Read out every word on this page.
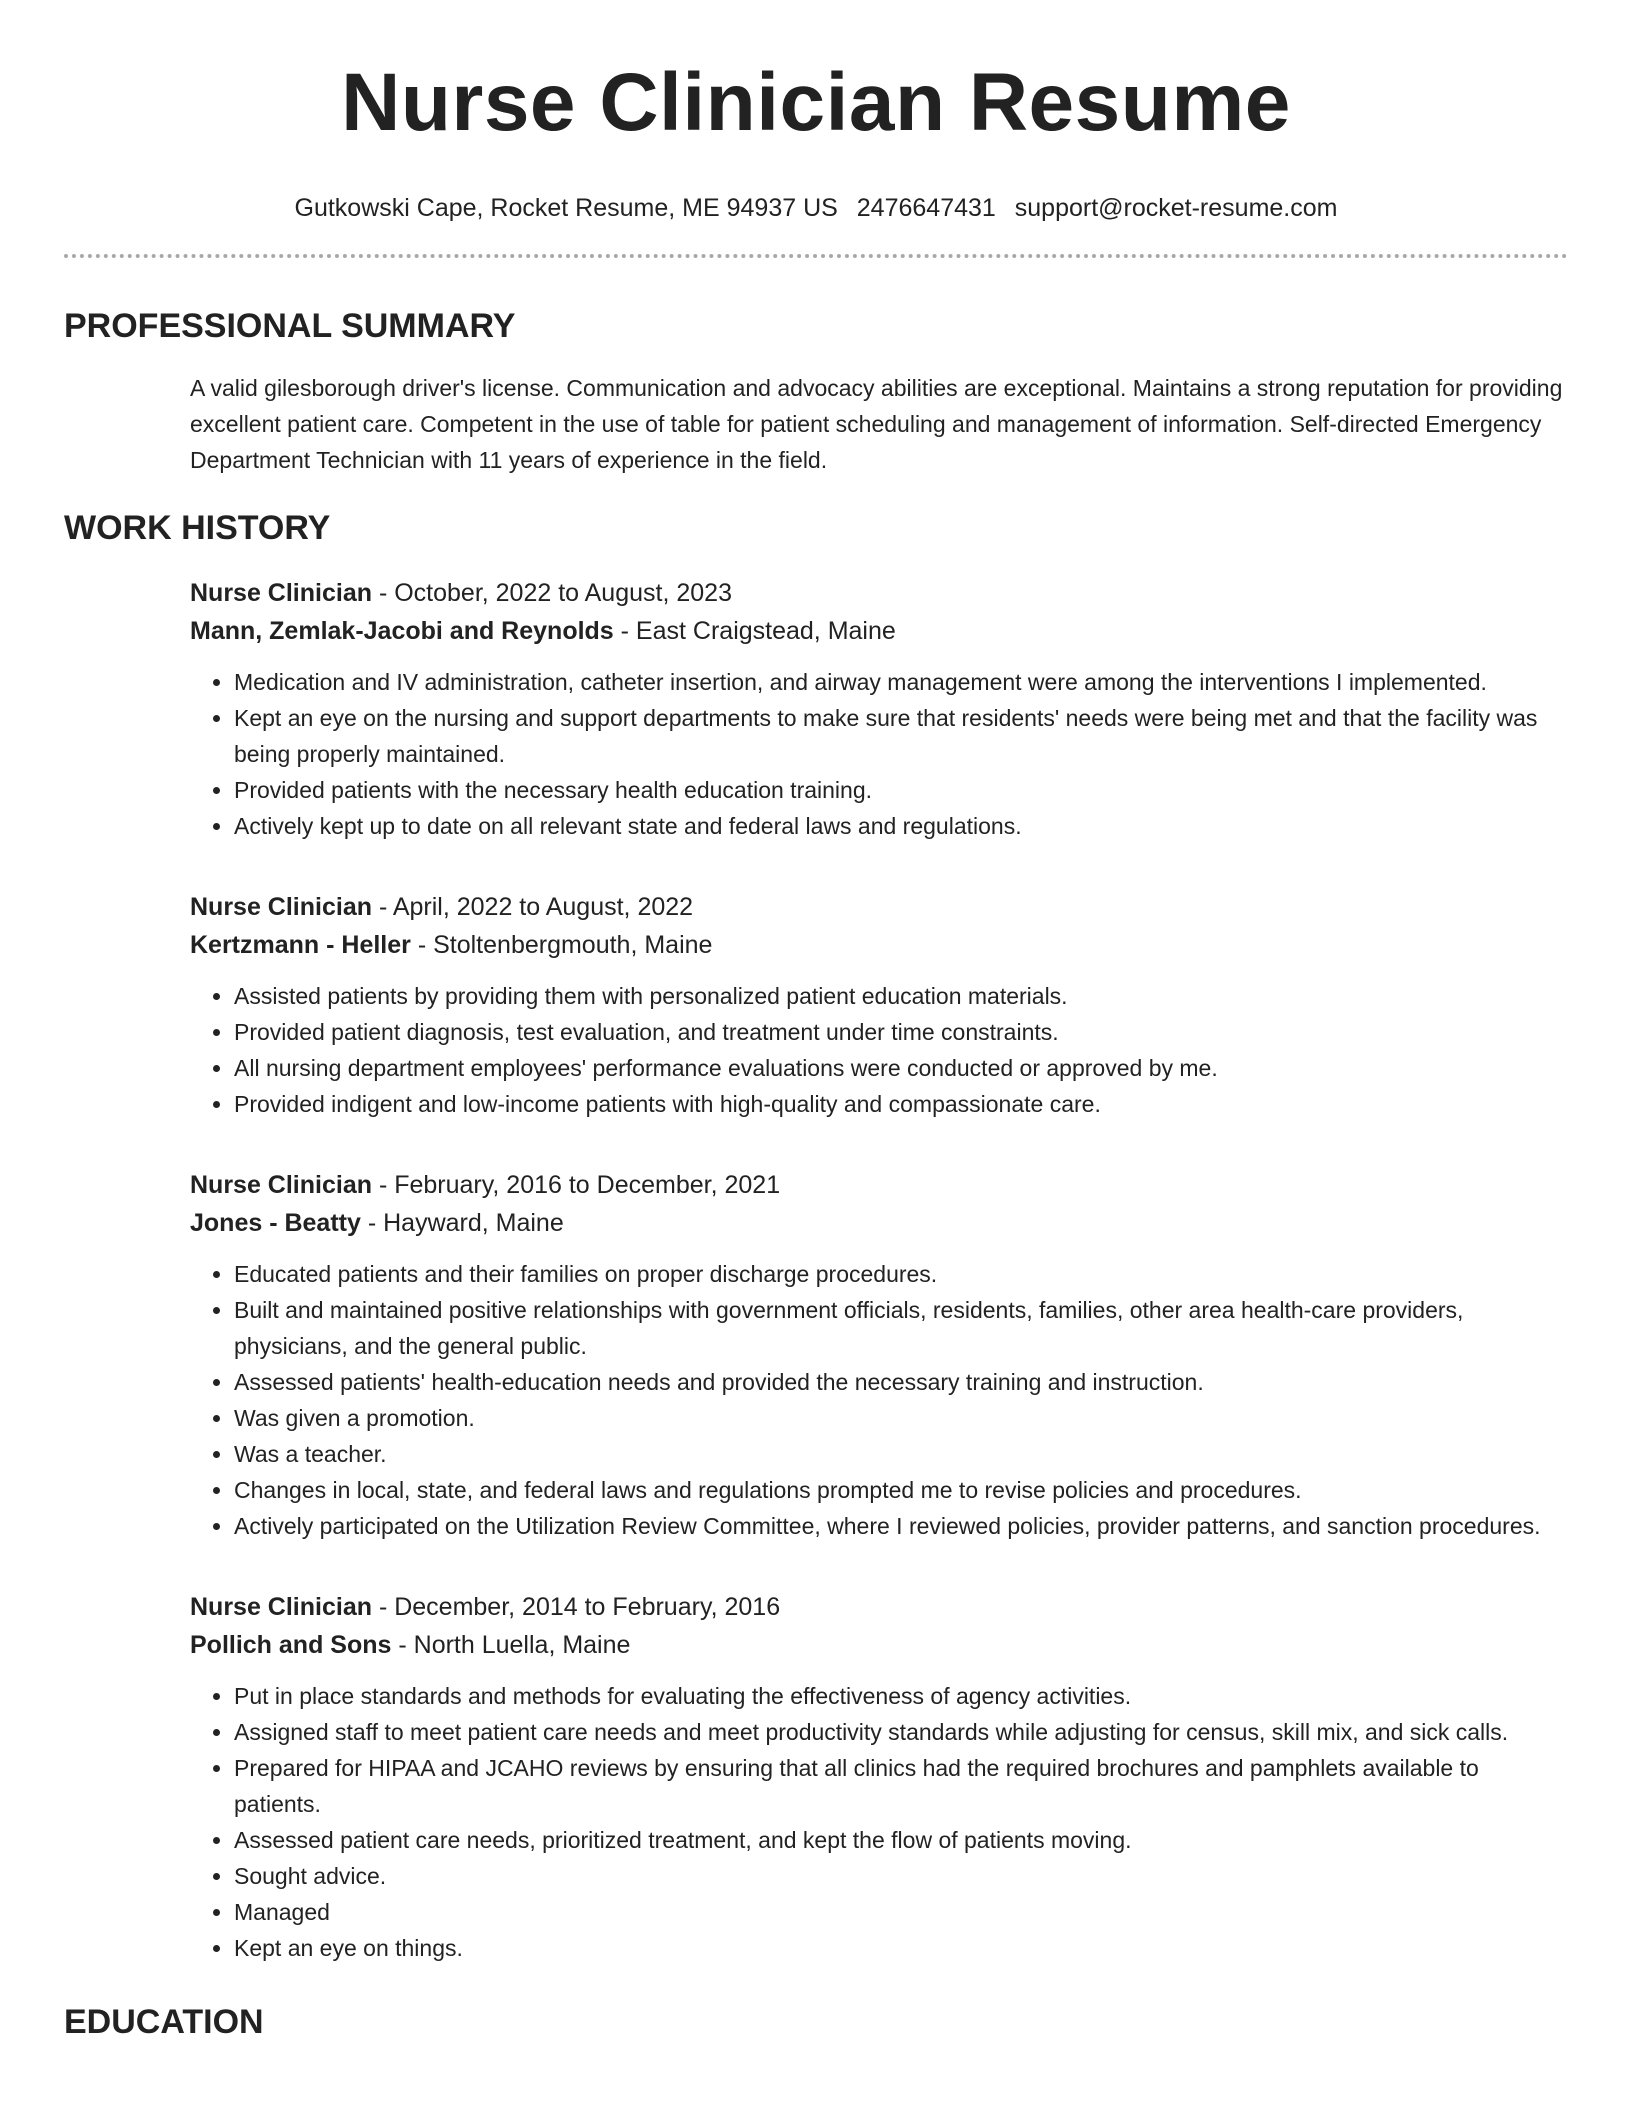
Nurse Clinician Resume
Gutkowski Cape, Rocket Resume, ME 94937 US 2476647431 support@rocket-resume.com
PROFESSIONAL SUMMARY

A valid gilesborough driver's license. Communication and advocacy abilities are exceptional. Maintains a strong reputation for providing excellent patient care. Competent in the use of table for patient scheduling and management of information. Self-directed Emergency Department Technician with 11 years of experience in the field.

WORK HISTORY
Nurse Clinician - October, 2022 to August, 2023
Mann, Zemlak-Jacobi and Reynolds - East Craigstead, Maine
• Medication and IV administration, catheter insertion, and airway management were among the interventions I implemented.
• Kept an eye on the nursing and support departments to make sure that residents' needs were being met and that the facility was being properly maintained.
• Provided patients with the necessary health education training.
• Actively kept up to date on all relevant state and federal laws and regulations.
Nurse Clinician - April, 2022 to August, 2022
Kertzmann - Heller - Stoltenbergmouth, Maine
• Assisted patients by providing them with personalized patient education materials.
• Provided patient diagnosis, test evaluation, and treatment under time constraints.
• All nursing department employees' performance evaluations were conducted or approved by me.
• Provided indigent and low-income patients with high-quality and compassionate care.
Nurse Clinician - February, 2016 to December, 2021
Jones - Beatty - Hayward, Maine
• Educated patients and their families on proper discharge procedures.
• Built and maintained positive relationships with government officials, residents, families, other area health-care providers, physicians, and the general public.
• Assessed patients' health-education needs and provided the necessary training and instruction.
• Was given a promotion.
• Was a teacher.
• Changes in local, state, and federal laws and regulations prompted me to revise policies and procedures.
• Actively participated on the Utilization Review Committee, where I reviewed policies, provider patterns, and sanction procedures.
Nurse Clinician - December, 2014 to February, 2016
Pollich and Sons - North Luella, Maine
• Put in place standards and methods for evaluating the effectiveness of agency activities.
• Assigned staff to meet patient care needs and meet productivity standards while adjusting for census, skill mix, and sick calls.
• Prepared for HIPAA and JCAHO reviews by ensuring that all clinics had the required brochures and pamphlets available to patients.
• Assessed patient care needs, prioritized treatment, and kept the flow of patients moving.
• Sought advice.
• Managed
• Kept an eye on things.
EDUCATION
